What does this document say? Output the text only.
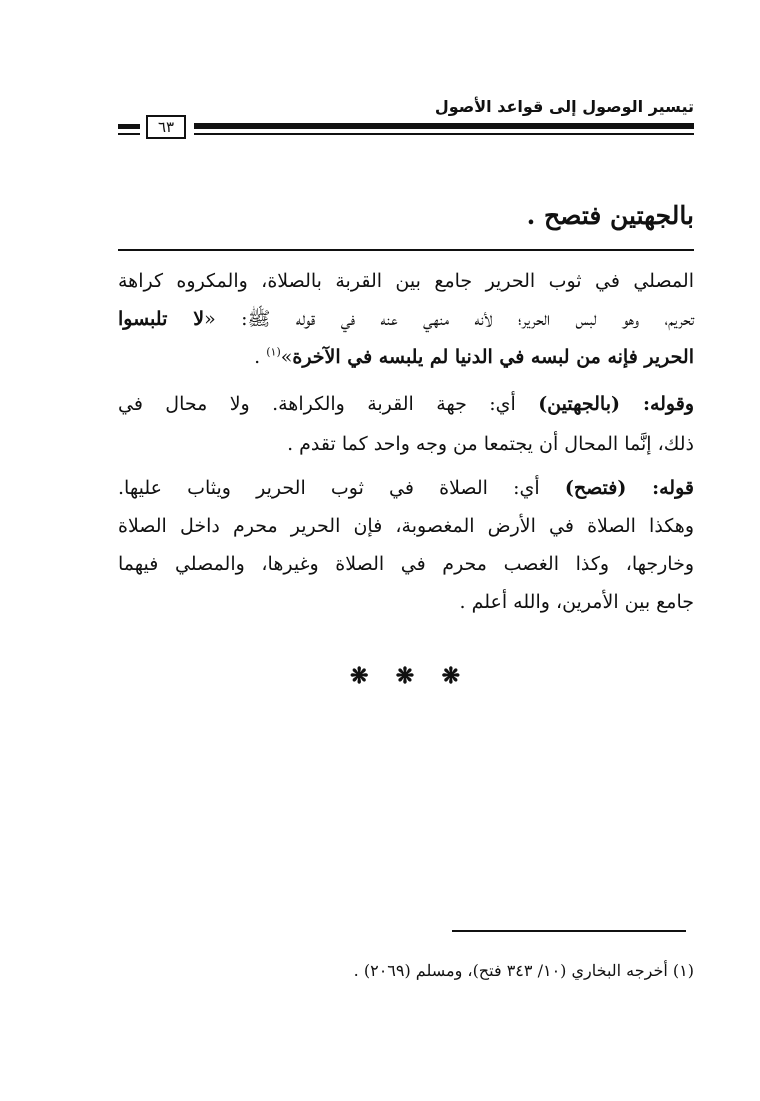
تيسير الوصول إلى قواعد الأصول
٦٣
بالجهتين فتصح .
المصلي في ثوب الحرير جامع بين القربة بالصلاة، والمكروه كراهة
تحريم، وهو لبس الحرير؛ لأنه منهي عنه في قوله ﷺ: «لا تلبسوا
الحرير فإنه من لبسه في الدنيا لم يلبسه في الآخرة»$^{(١)}$ .
وقوله: (بالجهتين) أي: جهة القربة والكراهة. ولا محال في
ذلك، إنَّما المحال أن يجتمعا من وجه واحد كما تقدم .
قوله: (فتصح) أي: الصلاة في ثوب الحرير ويثاب عليها.
وهكذا الصلاة في الأرض المغصوبة، فإن الحرير محرم داخل الصلاة
وخارجها، وكذا الغصب محرم في الصلاة وغيرها، والمصلي فيهما
جامع بين الأمرين، والله أعلم .
❋ ❋ ❋
(١) أخرجه البخاري (١٠/ ٣٤٣ فتح)، ومسلم (٢٠٦٩) .
